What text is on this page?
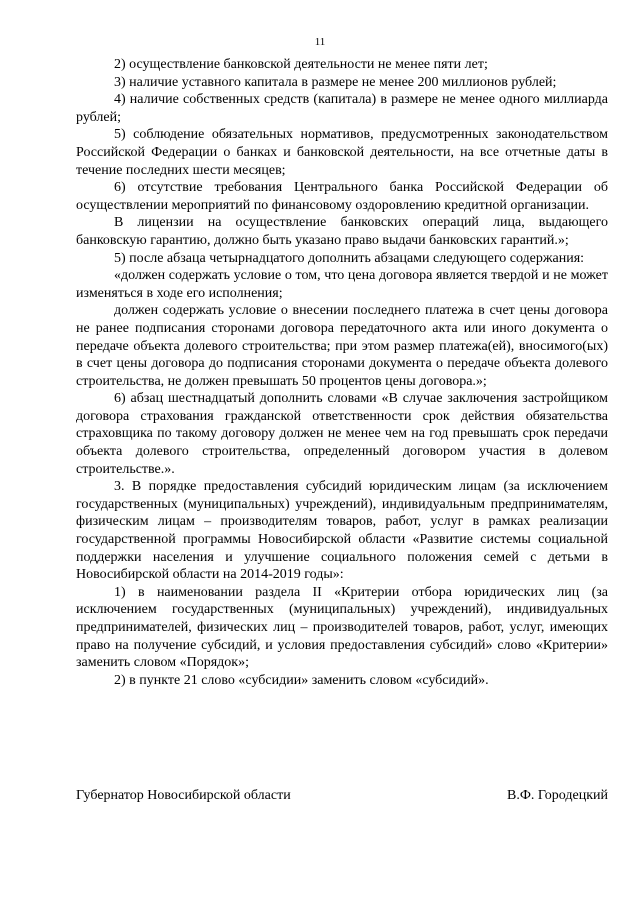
11

2) осуществление банковской деятельности не менее пяти лет;

3) наличие уставного капитала в размере не менее 200 миллионов рублей;

4) наличие собственных средств (капитала) в размере не менее одного миллиарда рублей;

5) соблюдение обязательных нормативов, предусмотренных законодательством Российской Федерации о банках и банковской деятельности, на все отчетные даты в течение последних шести месяцев;

6) отсутствие требования Центрального банка Российской Федерации об осуществлении мероприятий по финансовому оздоровлению кредитной организации.

В лицензии на осуществление банковских операций лица, выдающего банковскую гарантию, должно быть указано право выдачи банковских гарантий.»;

5) после абзаца четырнадцатого дополнить абзацами следующего содержания:

«должен содержать условие о том, что цена договора является твердой и не может изменяться в ходе его исполнения;

должен содержать условие о внесении последнего платежа в счет цены договора не ранее подписания сторонами договора передаточного акта или иного документа о передаче объекта долевого строительства; при этом размер платежа(ей), вносимого(ых) в счет цены договора до подписания сторонами документа о передаче объекта долевого строительства, не должен превышать 50 процентов цены договора.»;

6) абзац шестнадцатый дополнить словами «В случае заключения застройщиком договора страхования гражданской ответственности срок действия обязательства страховщика по такому договору должен не менее чем на год превышать срок передачи объекта долевого строительства, определенный договором участия в долевом строительстве.».

3. В порядке предоставления субсидий юридическим лицам (за исключением государственных (муниципальных) учреждений), индивидуальным предпринимателям, физическим лицам – производителям товаров, работ, услуг в рамках реализации государственной программы Новосибирской области «Развитие системы социальной поддержки населения и улучшение социального положения семей с детьми в Новосибирской области на 2014-2019 годы»:

1) в наименовании раздела II «Критерии отбора юридических лиц (за исключением государственных (муниципальных) учреждений), индивидуальных предпринимателей, физических лиц – производителей товаров, работ, услуг, имеющих право на получение субсидий, и условия предоставления субсидий» слово «Критерии» заменить словом «Порядок»;

2) в пункте 21 слово «субсидии» заменить словом «субсидий».

Губернатор Новосибирской области	В.Ф. Городецкий
